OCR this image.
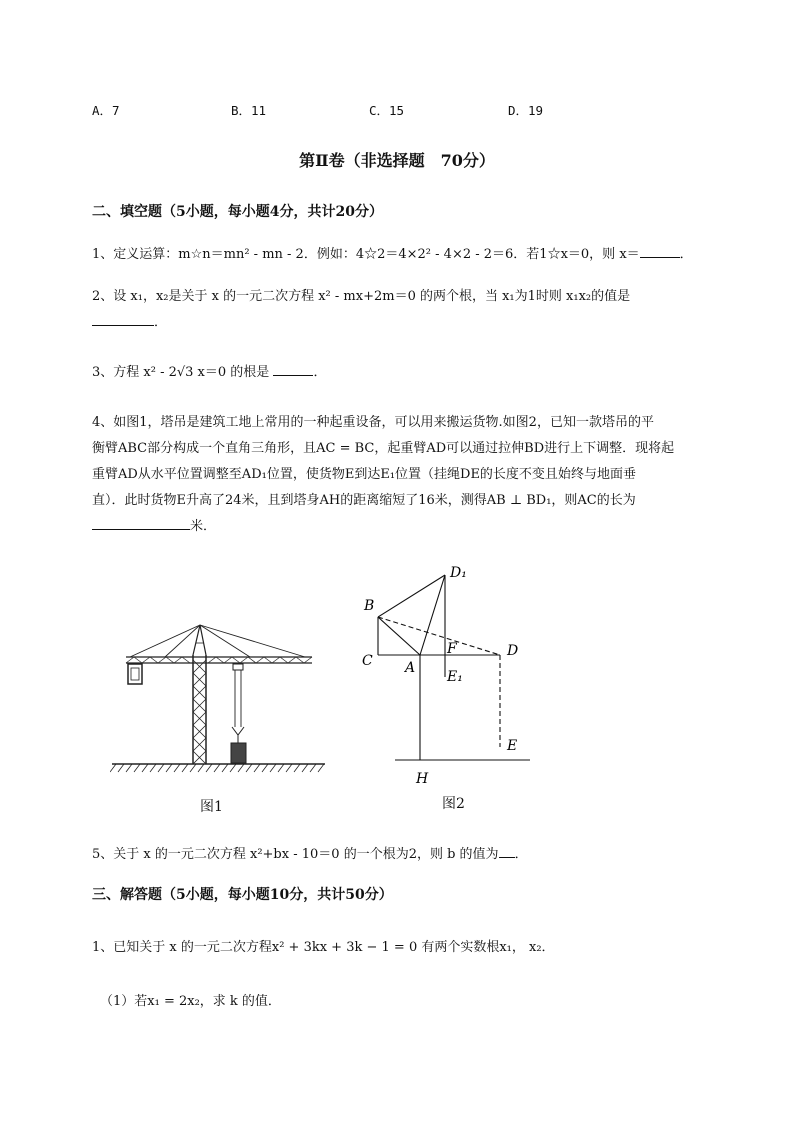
A．7	B．11	C．15	D．19
第Ⅱ卷（非选择题　70分）
二、填空题（5小题，每小题4分，共计20分）
1、定义运算：m☆n＝mn² - mn - 2．例如：4☆2＝4×2² - 4×2 - 2＝6．若1☆x＝0，则 x＝	．
2、设 x₁，x₂是关于 x 的一元二次方程 x² - mx+2m＝0 的两个根，当 x₁为1时则 x₁x₂的值是
．
3、方程 x² - 2√3 x＝0 的根是	．
4、如图1，塔吊是建筑工地上常用的一种起重设备，可以用来搬运货物.如图2，已知一款塔吊的平
衡臂ABC部分构成一个直角三角形，且AC = BC，起重臂AD可以通过拉伸BD进行上下调整．现将起
重臂AD从水平位置调整至AD₁位置，使货物E到达E₁位置（挂绳DE的长度不变且始终与地面垂
直）．此时货物E升高了24米，且到塔身AH的距离缩短了16米，测得AB ⊥ BD₁，则AC的长为
米．
图1
D₁
B
C A
F	D
E₁
E
H
图2
5、关于 x 的一元二次方程 x²+bx - 10＝0 的一个根为2，则 b 的值为 ．
三、解答题（5小题，每小题10分，共计50分）
1、已知关于 x 的一元二次方程x² + 3kx + 3k − 1 = 0 有两个实数根x₁， x₂．
（1）若x₁ = 2x₂，求 k 的值．
